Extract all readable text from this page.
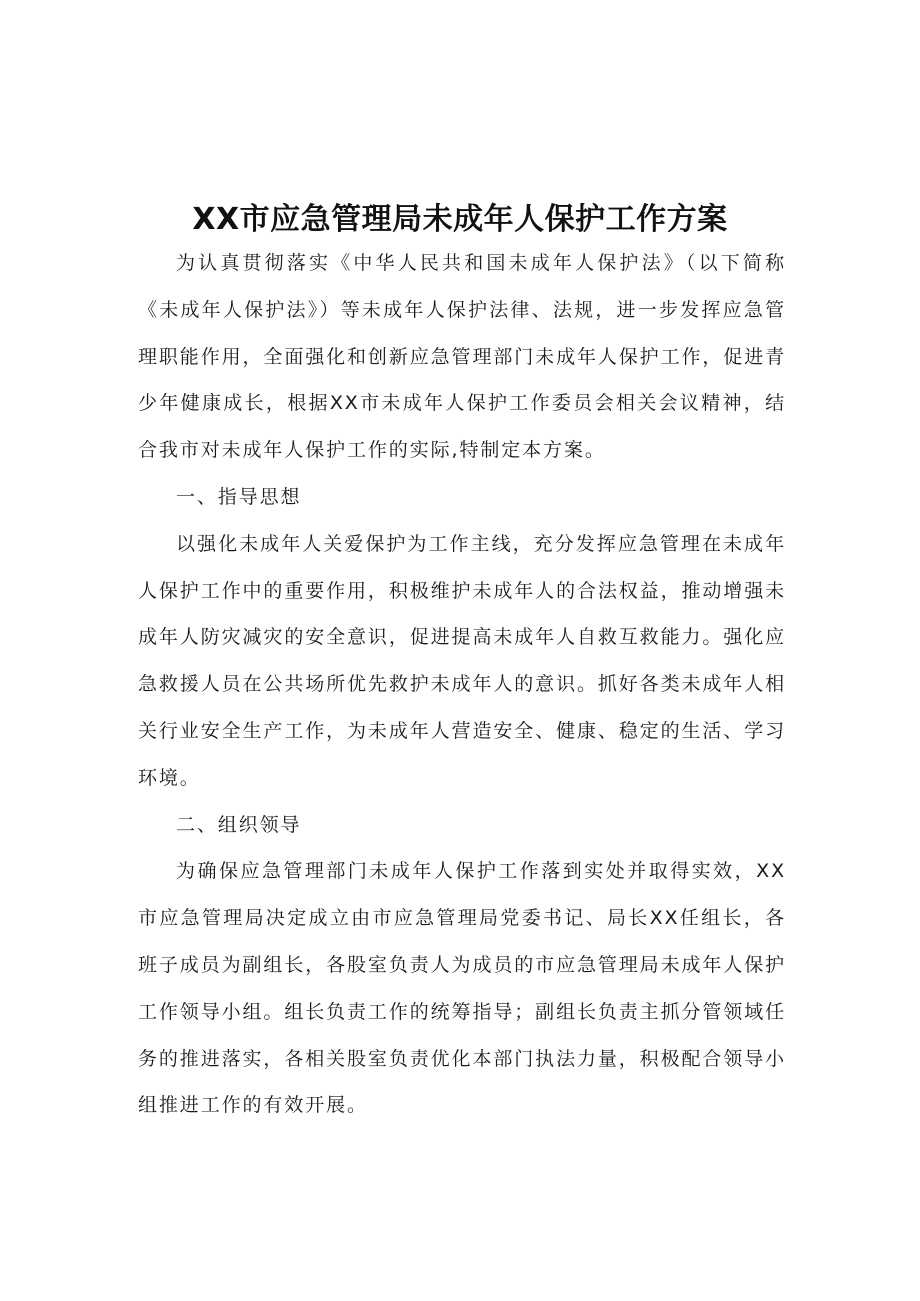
XX市应急管理局未成年人保护工作方案

为认真贯彻落实《中华人民共和国未成年人保护法》（以下简称《未成年人保护法》）等未成年人保护法律、法规，进一步发挥应急管理职能作用，全面强化和创新应急管理部门未成年人保护工作，促进青少年健康成长，根据XX市未成年人保护工作委员会相关会议精神，结合我市对未成年人保护工作的实际,特制定本方案。

一、指导思想

以强化未成年人关爱保护为工作主线，充分发挥应急管理在未成年人保护工作中的重要作用，积极维护未成年人的合法权益，推动增强未成年人防灾减灾的安全意识，促进提高未成年人自救互救能力。强化应急救援人员在公共场所优先救护未成年人的意识。抓好各类未成年人相关行业安全生产工作，为未成年人营造安全、健康、稳定的生活、学习环境。

二、组织领导

为确保应急管理部门未成年人保护工作落到实处并取得实效，XX市应急管理局决定成立由市应急管理局党委书记、局长XX任组长，各班子成员为副组长，各股室负责人为成员的市应急管理局未成年人保护工作领导小组。组长负责工作的统筹指导；副组长负责主抓分管领域任务的推进落实，各相关股室负责优化本部门执法力量，积极配合领导小组推进工作的有效开展。
